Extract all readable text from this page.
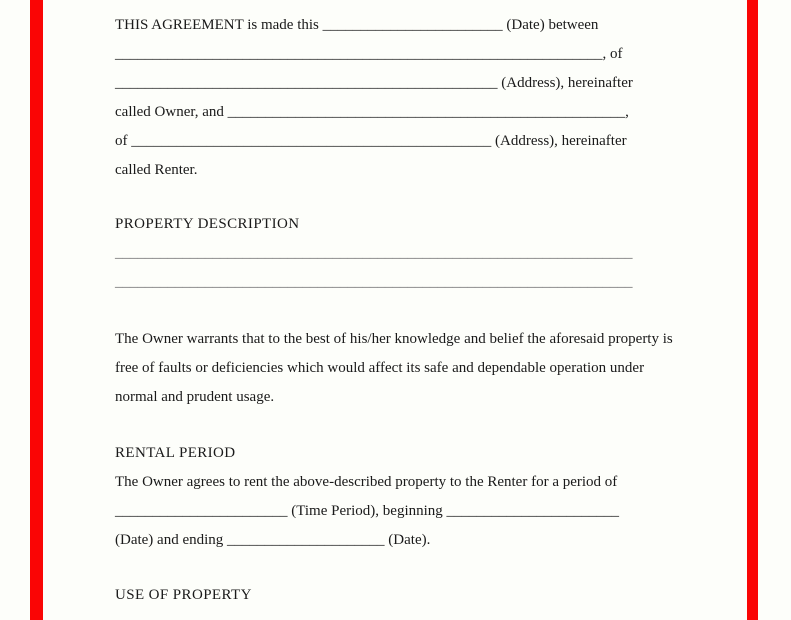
THIS AGREEMENT is made this ________________________ (Date) between
_________________________________________________________________, of
___________________________________________________ (Address), hereinafter
called Owner, and _____________________________________________________,
of ________________________________________________ (Address), hereinafter
called Renter.
PROPERTY DESCRIPTION
_____________________________________________________________________
_____________________________________________________________________
The Owner warrants that to the best of his/her knowledge and belief the aforesaid property is free of faults or deficiencies which would affect its safe and dependable operation under normal and prudent usage.
RENTAL PERIOD
The Owner agrees to rent the above-described property to the Renter for a period of
_______________________ (Time Period), beginning _______________________
(Date) and ending _____________________ (Date).
USE OF PROPERTY
